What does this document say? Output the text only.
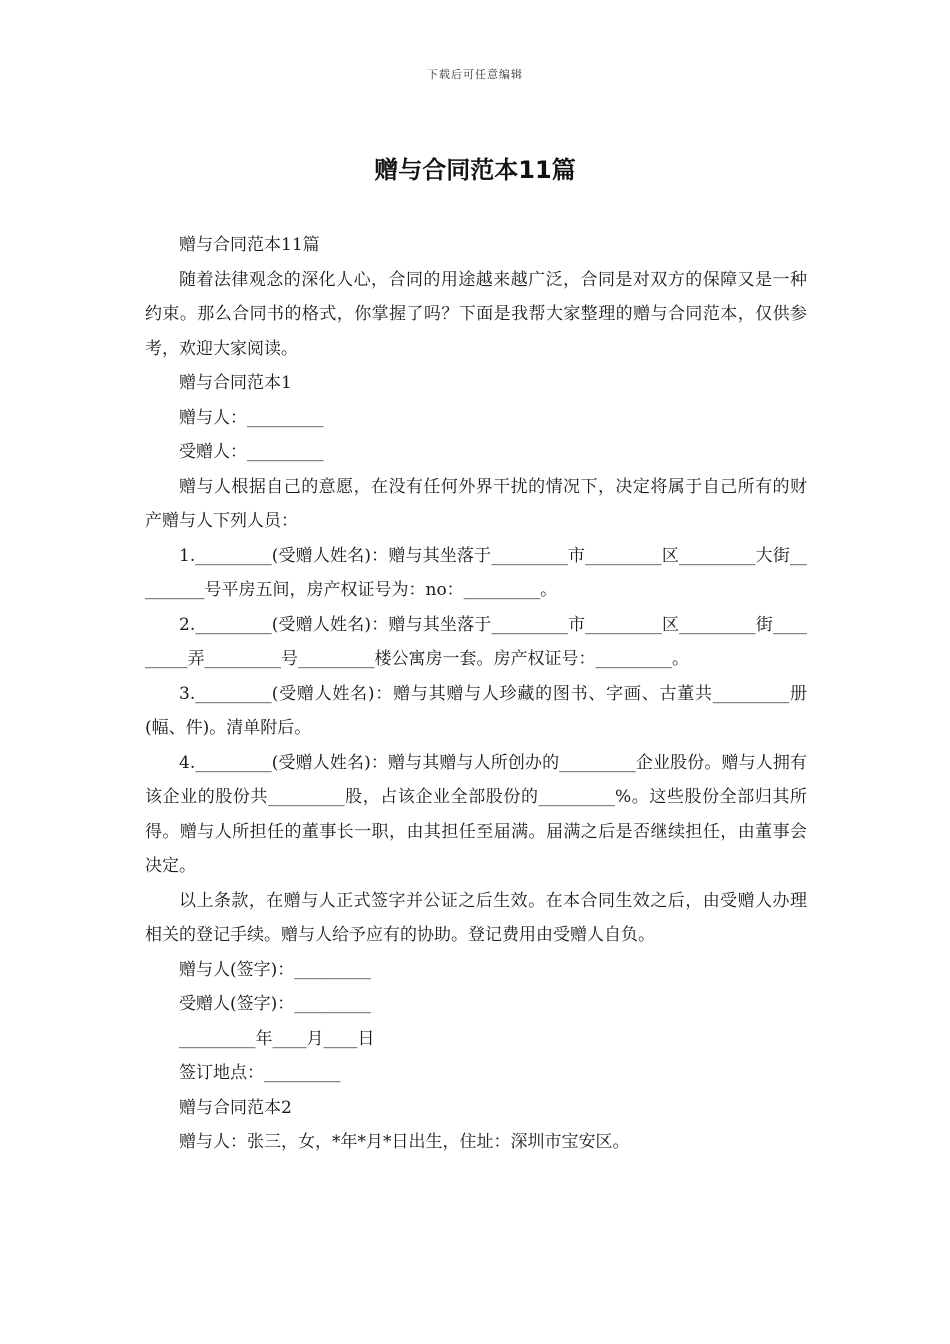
下载后可任意编辑
赠与合同范本11篇

赠与合同范本11篇

随着法律观念的深化人心，合同的用途越来越广泛，合同是对双方的保障又是一种约束。那么合同书的格式，你掌握了吗？下面是我帮大家整理的赠与合同范本，仅供参考，欢迎大家阅读。

赠与合同范本1

赠与人：_________

受赠人：_________

赠与人根据自己的意愿，在没有任何外界干扰的情况下，决定将属于自己所有的财产赠与人下列人员：

1._________(受赠人姓名)：赠与其坐落于_________市_________区_________大街_________号平房五间，房产权证号为：no：_________。

2._________(受赠人姓名)：赠与其坐落于_________市_________区_________街_________弄_________号_________楼公寓房一套。房产权证号：_________。

3._________(受赠人姓名)：赠与其赠与人珍藏的图书、字画、古董共_________册(幅、件)。清单附后。

4._________(受赠人姓名)：赠与其赠与人所创办的_________企业股份。赠与人拥有该企业的股份共_________股，占该企业全部股份的_________%。这些股份全部归其所得。赠与人所担任的董事长一职，由其担任至届满。届满之后是否继续担任，由董事会决定。

以上条款，在赠与人正式签字并公证之后生效。在本合同生效之后，由受赠人办理相关的登记手续。赠与人给予应有的协助。登记费用由受赠人自负。

赠与人(签字)：_________

受赠人(签字)：_________

_________年____月____日

签订地点：_________

赠与合同范本2

赠与人：张三，女，*年*月*日出生，住址：深圳市宝安区。
